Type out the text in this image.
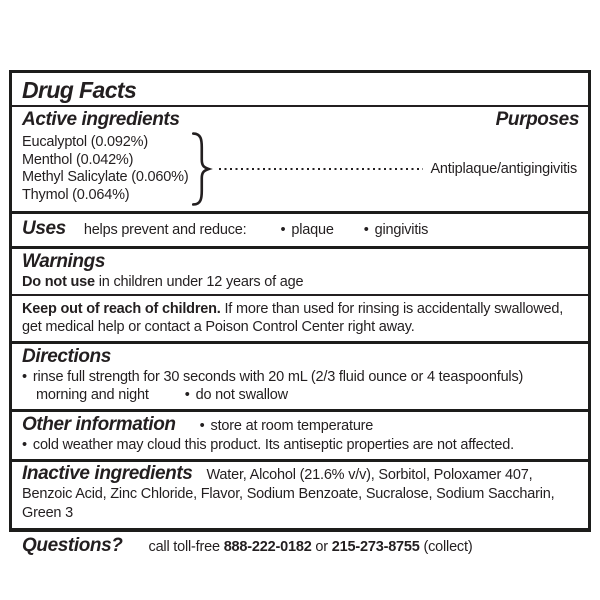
Drug Facts
Active ingredients	Purposes
Eucalyptol (0.092%)
Menthol (0.042%)
Methyl Salicylate (0.060%)
Thymol (0.064%)
Antiplaque/antigingivitis
Uses helps prevent and reduce: • plaque • gingivitis
Warnings
Do not use in children under 12 years of age
Keep out of reach of children. If more than used for rinsing is accidentally swallowed, get medical help or contact a Poison Control Center right away.
Directions
• rinse full strength for 30 seconds with 20 mL (2/3 fluid ounce or 4 teaspoonfuls)
morning and night • do not swallow
Other information • store at room temperature
• cold weather may cloud this product. Its antiseptic properties are not affected.
Inactive ingredients Water, Alcohol (21.6% v/v), Sorbitol, Poloxamer 407, Benzoic Acid, Zinc Chloride, Flavor, Sodium Benzoate, Sucralose, Sodium Saccharin, Green 3
Questions? call toll-free 888-222-0182 or 215-273-8755 (collect)
